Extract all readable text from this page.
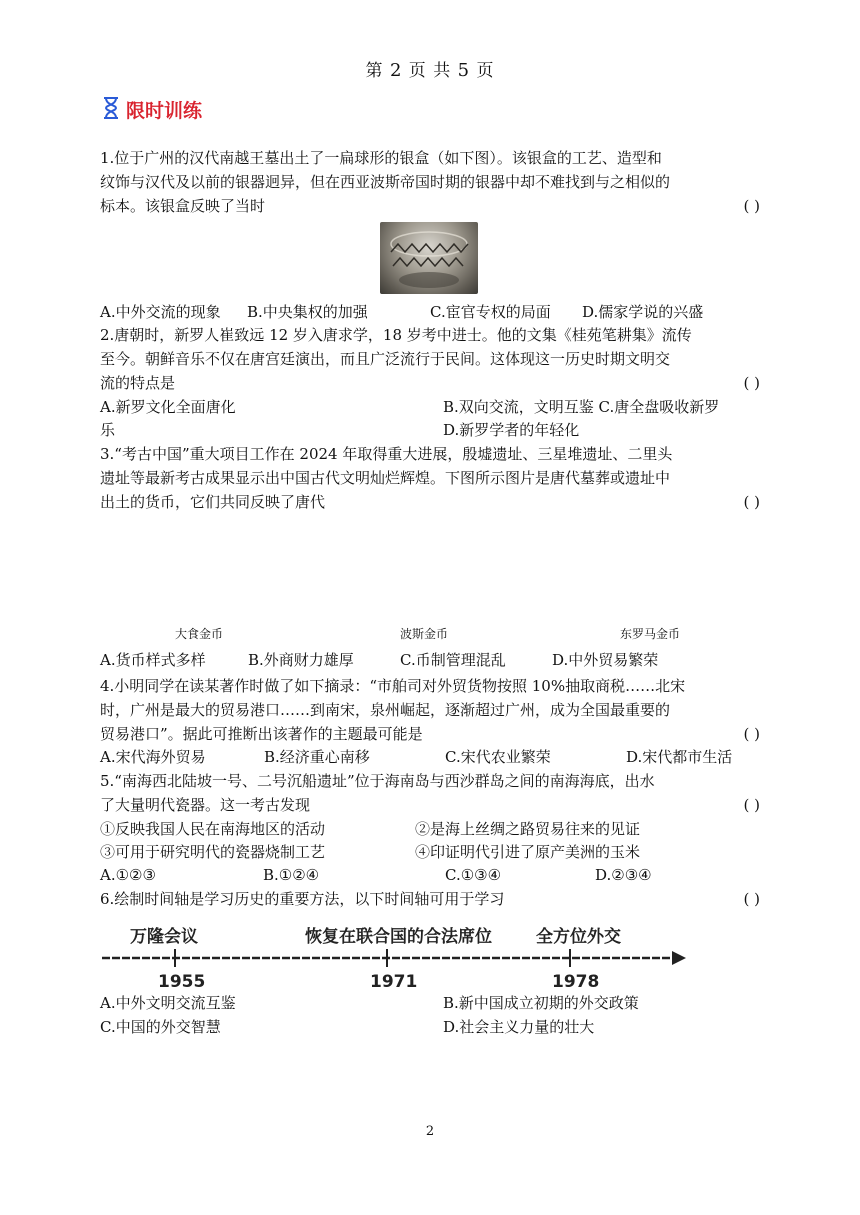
第 2 页 共 5 页
限时训练
1.位于广州的汉代南越王墓出土了一扁球形的银盒（如下图）。该银盒的工艺、造型和
纹饰与汉代及以前的银器迥异，但在西亚波斯帝国时期的银器中却不难找到与之相似的
标本。该银盒反映了当时	( )
A.中外交流的现象 B.中央集权的加强	C.宦官专权的局面 D.儒家学说的兴盛
2.唐朝时，新罗人崔致远 12 岁入唐求学，18 岁考中进士。他的文集《桂苑笔耕集》流传
至今。朝鲜音乐不仅在唐宫廷演出，而且广泛流行于民间。这体现这一历史时期文明交
流的特点是	( )
A.新罗文化全面唐化	B.双向交流，文明互鉴 C.唐全盘吸收新罗
乐	D.新罗学者的年轻化
3.“考古中国”重大项目工作在 2024 年取得重大进展，殷墟遗址、三星堆遗址、二里头
遗址等最新考古成果显示出中国古代文明灿烂辉煌。下图所示图片是唐代墓葬或遗址中
出土的货币，它们共同反映了唐代	( )
大食金币	波斯金币	东罗马金币
A.货币样式多样	B.外商财力雄厚	C.币制管理混乱	D.中外贸易繁荣
4.小明同学在读某著作时做了如下摘录：“市舶司对外贸货物按照 10%抽取商税……北宋
时，广州是最大的贸易港口……到南宋，泉州崛起，逐渐超过广州，成为全国最重要的
贸易港口”。据此可推断出该著作的主题最可能是	( )
A.宋代海外贸易	B.经济重心南移	C.宋代农业繁荣	D.宋代都市生活
5.“南海西北陆坡一号、二号沉船遗址”位于海南岛与西沙群岛之间的南海海底，出水
了大量明代瓷器。这一考古发现	( )
①反映我国人民在南海地区的活动	②是海上丝绸之路贸易往来的见证
③可用于研究明代的瓷器烧制工艺	④印证明代引进了原产美洲的玉米
A.①②③	B.①②④	C.①③④	D.②③④
6.绘制时间轴是学习历史的重要方法，以下时间轴可用于学习	( )
万隆会议	恢复在联合国的合法席位	全方位外交
1955	1971	1978
A.中外文明交流互鉴	B.新中国成立初期的外交政策
C.中国的外交智慧	D.社会主义力量的壮大
2
